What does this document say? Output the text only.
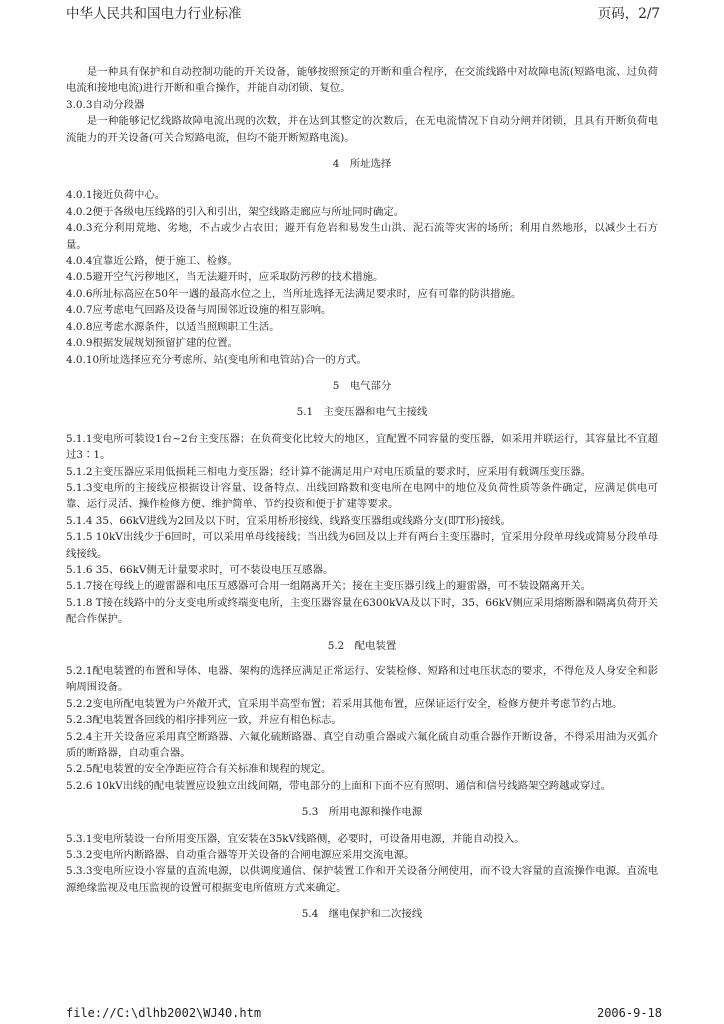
中华人民共和国电力行业标准	页码，2/7

是一种具有保护和自动控制功能的开关设备，能够按照预定的开断和重合程序，在交流线路中对故障电流(短路电流、过负荷电流和接地电流)进行开断和重合操作，并能自动闭锁、复位。

3.0.3自动分段器

是一种能够记忆线路故障电流出现的次数，并在达到其整定的次数后，在无电流情况下自动分闸并闭锁，且具有开断负荷电流能力的开关设备(可关合短路电流，但均不能开断短路电流)。

4　所址选择

4.0.1接近负荷中心。

4.0.2便于各级电压线路的引入和引出，架空线路走廊应与所址同时确定。

4.0.3充分利用荒地、劣地，不占或少占农田；避开有危岩和易发生山洪、泥石流等灾害的场所；利用自然地形，以减少土石方量。

4.0.4宜靠近公路，便于施工、检修。

4.0.5避开空气污秽地区，当无法避开时，应采取防污秽的技术措施。

4.0.6所址标高应在50年一遇的最高水位之上，当所址选择无法满足要求时，应有可靠的防洪措施。

4.0.7应考虑电气回路及设备与周围邻近设施的相互影响。

4.0.8应考虑水源条件，以适当照顾职工生活。

4.0.9根据发展规划预留扩建的位置。

4.0.10所址选择应充分考虑所、站(变电所和电管站)合一的方式。

5　电气部分

5.1　主变压器和电气主接线

5.1.1变电所可装设1台~2台主变压器；在负荷变化比较大的地区，宜配置不同容量的变压器，如采用并联运行，其容量比不宜超过3∶1。

5.1.2主变压器应采用低损耗三相电力变压器；经计算不能满足用户对电压质量的要求时，应采用有载调压变压器。

5.1.3变电所的主接线应根据设计容量、设备特点、出线回路数和变电所在电网中的地位及负荷性质等条件确定，应满足供电可靠、运行灵活、操作检修方便、维护简单、节约投资和便于扩建等要求。

5.1.4 35、66kV进线为2回及以下时，宜采用桥形接线、线路变压器组或线路分支(即T形)接线。

5.1.5 10kV出线少于6回时，可以采用单母线接线；当出线为6回及以上并有两台主变压器时，宜采用分段单母线或简易分段单母线接线。

5.1.6 35、66kV侧无计量要求时，可不装设电压互感器。

5.1.7接在母线上的避雷器和电压互感器可合用一组隔离开关；接在主变压器引线上的避雷器，可不装设隔离开关。

5.1.8 T接在线路中的分支变电所或终端变电所，主变压器容量在6300kVA及以下时，35、66kV侧应采用熔断器和隔离负荷开关配合作保护。

5.2　配电装置

5.2.1配电装置的布置和导体、电器、架构的选择应满足正常运行、安装检修、短路和过电压状态的要求，不得危及人身安全和影响周围设备。

5.2.2变电所配电装置为户外敞开式，宜采用半高型布置；若采用其他布置，应保证运行安全，检修方便并考虑节约占地。

5.2.3配电装置各回线的相序排列应一致，并应有相色标志。

5.2.4主开关设备应采用真空断路器、六氟化硫断路器、真空自动重合器或六氟化硫自动重合器作开断设备，不得采用油为灭弧介质的断路器，自动重合器。

5.2.5配电装置的安全净距应符合有关标准和规程的规定。

5.2.6 10kV出线的配电装置应设独立出线间隔，带电部分的上面和下面不应有照明、通信和信号线路架空跨越或穿过。

5.3　所用电源和操作电源

5.3.1变电所装设一台所用变压器，宜安装在35kV线路侧，必要时，可设备用电源，并能自动投入。

5.3.2变电所内断路器、自动重合器等开关设备的合闸电源应采用交流电源。

5.3.3变电所应设小容量的直流电源，以供调度通信、保护装置工作和开关设备分闸使用，而不设大容量的直流操作电源。直流电源绝缘监视及电压监视的设置可根据变电所值班方式来确定。

5.4　继电保护和二次接线

file://C:\dlhb2002\WJ40.htm	2006-9-18
